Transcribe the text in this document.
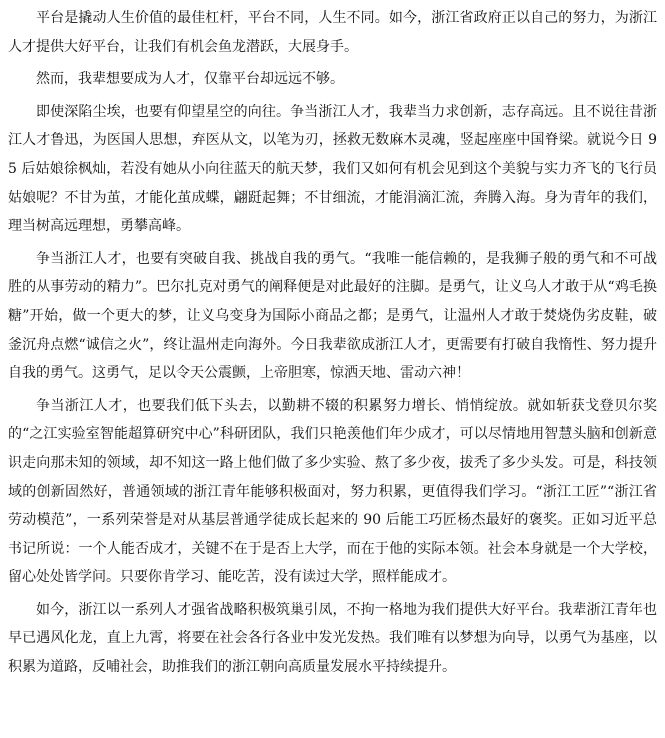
平台是撬动人生价值的最佳杠杆，平台不同，人生不同。如今，浙江省政府正以自己的努力，为浙江人才提供大好平台，让我们有机会鱼龙潜跃，大展身手。

然而，我辈想要成为人才，仅靠平台却远远不够。

即使深陷尘埃，也要有仰望星空的向往。争当浙江人才，我辈当力求创新，志存高远。且不说往昔浙江人才鲁迅，为医国人思想，弃医从文，以笔为刃，拯救无数麻木灵魂，竖起座座中国脊梁。就说今日 95 后姑娘徐枫灿，若没有她从小向往蓝天的航天梦，我们又如何有机会见到这个美貌与实力齐飞的飞行员姑娘呢？不甘为茧，才能化茧成蝶，翩跹起舞；不甘细流，才能涓滴汇流，奔腾入海。身为青年的我们，理当树高远理想，勇攀高峰。

争当浙江人才，也要有突破自我、挑战自我的勇气。“我唯一能信赖的，是我狮子般的勇气和不可战胜的从事劳动的精力”。巴尔扎克对勇气的阐释便是对此最好的注脚。是勇气，让义乌人才敢于从“鸡毛换糖”开始，做一个更大的梦，让义乌变身为国际小商品之都；是勇气，让温州人才敢于焚烧伪劣皮鞋，破釜沉舟点燃“诚信之火”，终让温州走向海外。今日我辈欲成浙江人才，更需要有打破自我惰性、努力提升自我的勇气。这勇气，足以令天公震颤，上帝胆寒，惊洒天地、雷动六神！

争当浙江人才，也要我们低下头去，以勤耕不辍的积累努力增长、悄悄绽放。就如斩获戈登贝尔奖的“之江实验室智能超算研究中心”科研团队，我们只艳羡他们年少成才，可以尽情地用智慧头脑和创新意识走向那未知的领域，却不知这一路上他们做了多少实验、熬了多少夜，拔秃了多少头发。可是，科技领域的创新固然好，普通领域的浙江青年能够积极面对，努力积累，更值得我们学习。“浙江工匠”“浙江省劳动模范”，一系列荣誉是对从基层普通学徒成长起来的 90 后能工巧匠杨杰最好的褒奖。正如习近平总书记所说：一个人能否成才，关键不在于是否上大学，而在于他的实际本领。社会本身就是一个大学校，留心处处皆学问。只要你肯学习、能吃苦，没有读过大学，照样能成才。

如今，浙江以一系列人才强省战略积极筑巢引凤，不拘一格地为我们提供大好平台。我辈浙江青年也早已遇风化龙，直上九霄，将要在社会各行各业中发光发热。我们唯有以梦想为向导，以勇气为基座，以积累为道路，反哺社会，助推我们的浙江朝向高质量发展水平持续提升。
